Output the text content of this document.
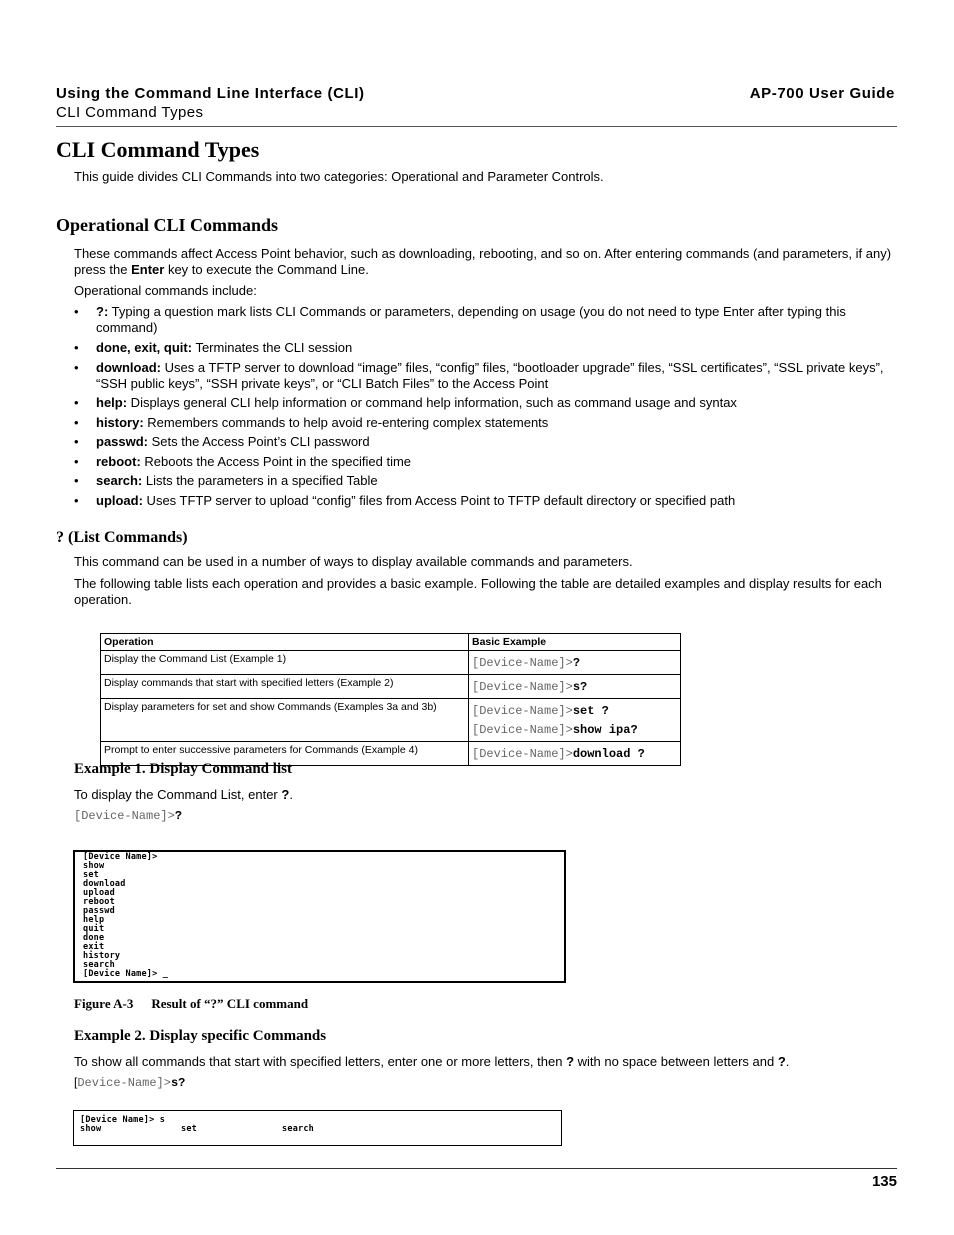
Using the Command Line Interface (CLI)	AP-700 User Guide
CLI Command Types
CLI Command Types
This guide divides CLI Commands into two categories: Operational and Parameter Controls.
Operational CLI Commands
These commands affect Access Point behavior, such as downloading, rebooting, and so on. After entering commands (and parameters, if any) press the Enter key to execute the Command Line.
Operational commands include:
• ?: Typing a question mark lists CLI Commands or parameters, depending on usage (you do not need to type Enter after typing this command)
• done, exit, quit: Terminates the CLI session
• download: Uses a TFTP server to download “image” files, “config” files, “bootloader upgrade” files, “SSL certificates”, “SSL private keys”, “SSH public keys”, “SSH private keys”, or “CLI Batch Files” to the Access Point
• help: Displays general CLI help information or command help information, such as command usage and syntax
• history: Remembers commands to help avoid re-entering complex statements
• passwd: Sets the Access Point’s CLI password
• reboot: Reboots the Access Point in the specified time
• search: Lists the parameters in a specified Table
• upload: Uses TFTP server to upload “config” files from Access Point to TFTP default directory or specified path
? (List Commands)
This command can be used in a number of ways to display available commands and parameters.
The following table lists each operation and provides a basic example. Following the table are detailed examples and display results for each operation.
Operation	Basic Example
Display the Command List (Example 1)	[Device-Name]>?
Display commands that start with specified letters (Example 2)	[Device-Name]>s?
Display parameters for set and show Commands (Examples 3a and 3b)	[Device-Name]>set ?
[Device-Name]>show ipa?
Prompt to enter successive parameters for Commands (Example 4)	[Device-Name]>download ?
Example 1. Display Command list
To display the Command List, enter ?.
[Device-Name]>?
[Device Name]>
show
set
download
upload
reboot
passwd
help
quit
done
exit
history
search
[Device Name]> _
Figure A-3 Result of “?” CLI command
Example 2. Display specific Commands
To show all commands that start with specified letters, enter one or more letters, then ? with no space between letters and ?.
[Device-Name]>s?
[Device Name]> s
show               set                search
135
